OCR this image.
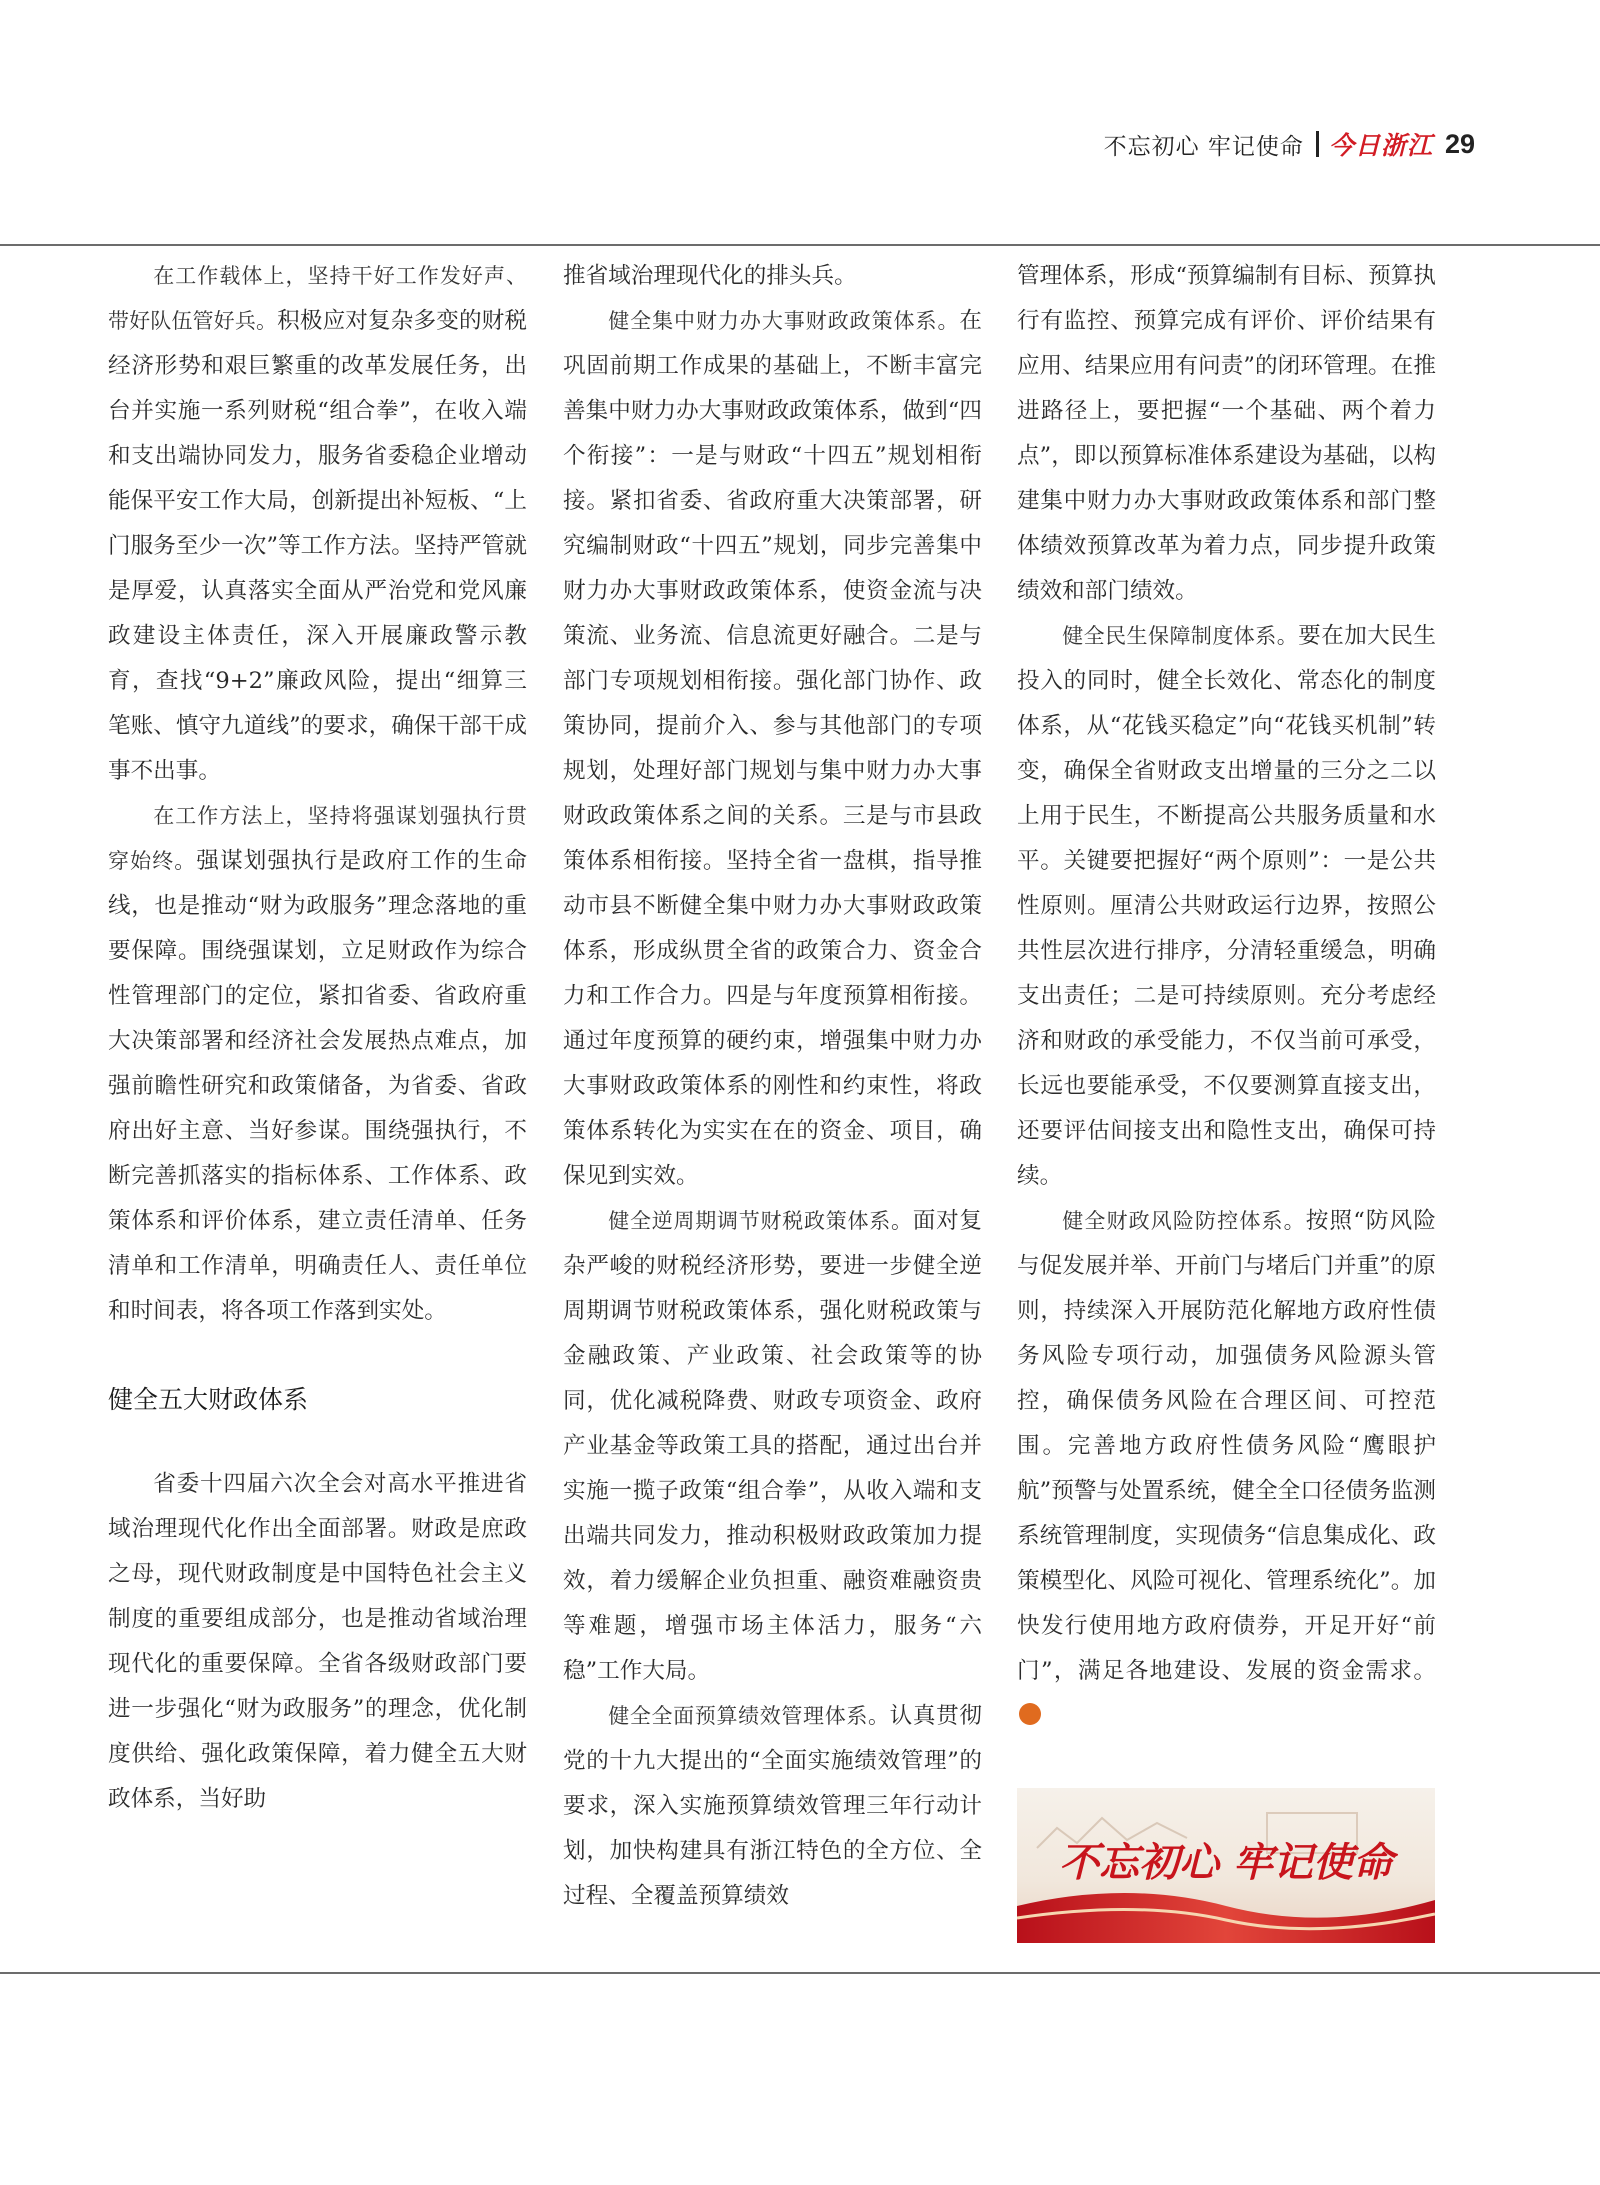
不忘初心 牢记使命 今日浙江 29

在工作载体上，坚持干好工作发好声、带好队伍管好兵。积极应对复杂多变的财税经济形势和艰巨繁重的改革发展任务，出台并实施一系列财税“组合拳”，在收入端和支出端协同发力，服务省委稳企业增动能保平安工作大局，创新提出补短板、“上门服务至少一次”等工作方法。坚持严管就是厚爱，认真落实全面从严治党和党风廉政建设主体责任，深入开展廉政警示教育，查找“9+2”廉政风险，提出“细算三笔账、慎守九道线”的要求，确保干部干成事不出事。

在工作方法上，坚持将强谋划强执行贯穿始终。强谋划强执行是政府工作的生命线，也是推动“财为政服务”理念落地的重要保障。围绕强谋划，立足财政作为综合性管理部门的定位，紧扣省委、省政府重大决策部署和经济社会发展热点难点，加强前瞻性研究和政策储备，为省委、省政府出好主意、当好参谋。围绕强执行，不断完善抓落实的指标体系、工作体系、政策体系和评价体系，建立责任清单、任务清单和工作清单，明确责任人、责任单位和时间表，将各项工作落到实处。

健全五大财政体系

省委十四届六次全会对高水平推进省域治理现代化作出全面部署。财政是庶政之母，现代财政制度是中国特色社会主义制度的重要组成部分，也是推动省域治理现代化的重要保障。全省各级财政部门要进一步强化“财为政服务”的理念，优化制度供给、强化政策保障，着力健全五大财政体系，当好助

推省域治理现代化的排头兵。

健全集中财力办大事财政政策体系。在巩固前期工作成果的基础上，不断丰富完善集中财力办大事财政政策体系，做到“四个衔接”：一是与财政“十四五”规划相衔接。紧扣省委、省政府重大决策部署，研究编制财政“十四五”规划，同步完善集中财力办大事财政政策体系，使资金流与决策流、业务流、信息流更好融合。二是与部门专项规划相衔接。强化部门协作、政策协同，提前介入、参与其他部门的专项规划，处理好部门规划与集中财力办大事财政政策体系之间的关系。三是与市县政策体系相衔接。坚持全省一盘棋，指导推动市县不断健全集中财力办大事财政政策体系，形成纵贯全省的政策合力、资金合力和工作合力。四是与年度预算相衔接。通过年度预算的硬约束，增强集中财力办大事财政政策体系的刚性和约束性，将政策体系转化为实实在在的资金、项目，确保见到实效。

健全逆周期调节财税政策体系。面对复杂严峻的财税经济形势，要进一步健全逆周期调节财税政策体系，强化财税政策与金融政策、产业政策、社会政策等的协同，优化减税降费、财政专项资金、政府产业基金等政策工具的搭配，通过出台并实施一揽子政策“组合拳”，从收入端和支出端共同发力，推动积极财政政策加力提效，着力缓解企业负担重、融资难融资贵等难题，增强市场主体活力，服务“六稳”工作大局。

健全全面预算绩效管理体系。认真贯彻党的十九大提出的“全面实施绩效管理”的要求，深入实施预算绩效管理三年行动计划，加快构建具有浙江特色的全方位、全过程、全覆盖预算绩效

管理体系，形成“预算编制有目标、预算执行有监控、预算完成有评价、评价结果有应用、结果应用有问责”的闭环管理。在推进路径上，要把握“一个基础、两个着力点”，即以预算标准体系建设为基础，以构建集中财力办大事财政政策体系和部门整体绩效预算改革为着力点，同步提升政策绩效和部门绩效。

健全民生保障制度体系。要在加大民生投入的同时，健全长效化、常态化的制度体系，从“花钱买稳定”向“花钱买机制”转变，确保全省财政支出增量的三分之二以上用于民生，不断提高公共服务质量和水平。关键要把握好“两个原则”：一是公共性原则。厘清公共财政运行边界，按照公共性层次进行排序，分清轻重缓急，明确支出责任；二是可持续原则。充分考虑经济和财政的承受能力，不仅当前可承受，长远也要能承受，不仅要测算直接支出，还要评估间接支出和隐性支出，确保可持续。

健全财政风险防控体系。按照“防风险与促发展并举、开前门与堵后门并重”的原则，持续深入开展防范化解地方政府性债务风险专项行动，加强债务风险源头管控，确保债务风险在合理区间、可控范围。完善地方政府性债务风险“鹰眼护航”预警与处置系统，健全全口径债务监测系统管理制度，实现债务“信息集成化、政策模型化、风险可视化、管理系统化”。加快发行使用地方政府债券，开足开好“前门”，满足各地建设、发展的资金需求。

不忘初心 牢记使命
